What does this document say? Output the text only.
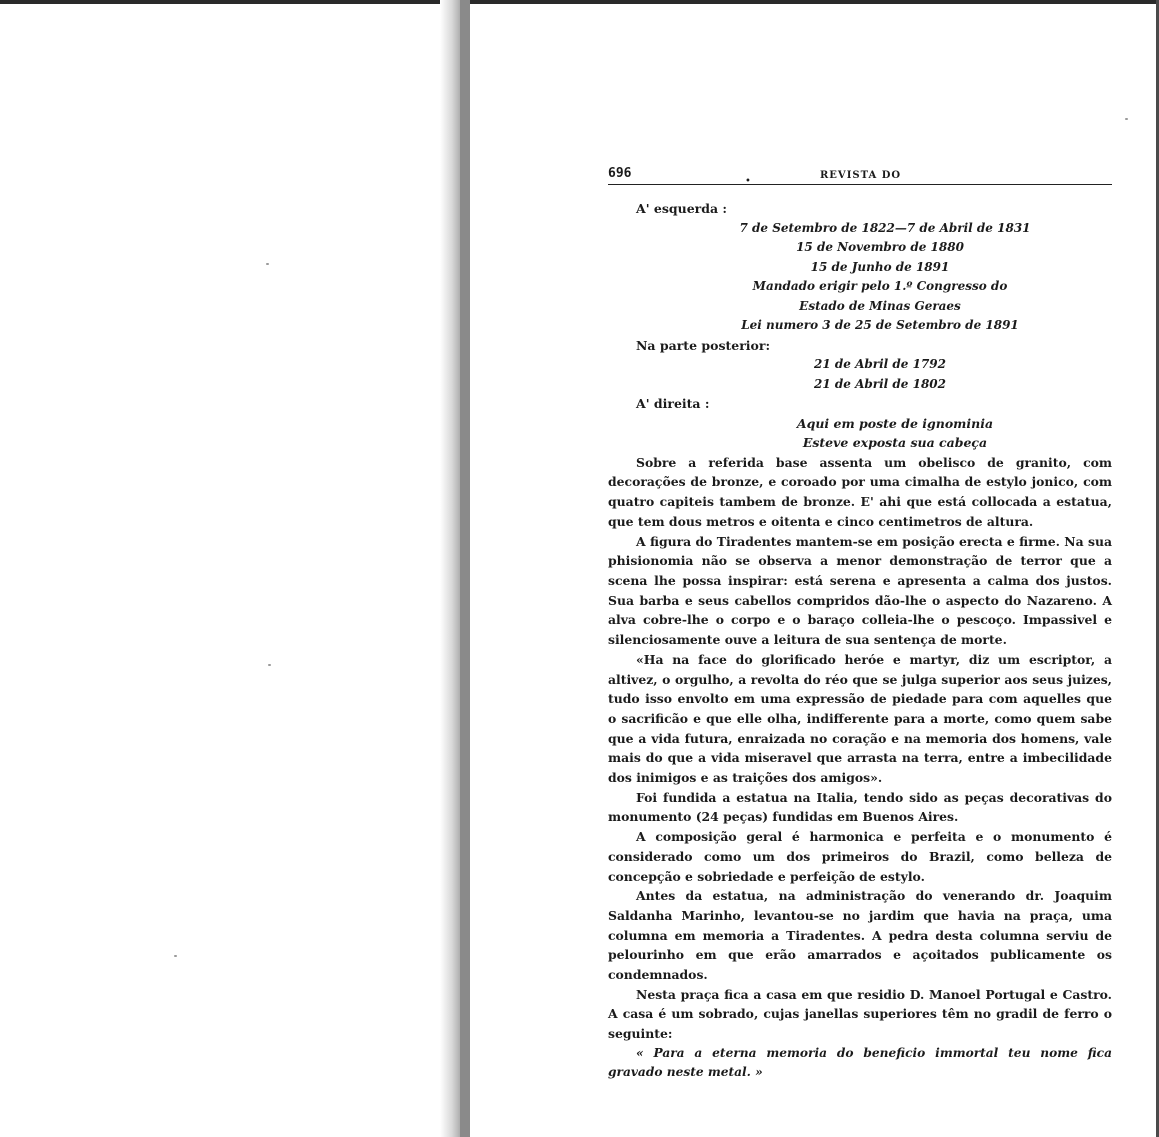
696
•
REVISTA DO
A' esquerda :
7 de Setembro de 1822—7 de Abril de 1831
15 de Novembro de 1880
15 de Junho de 1891
Mandado erigir pelo 1.º Congresso do
Estado de Minas Geraes
Lei numero 3 de 25 de Setembro de 1891
Na parte posterior:
21 de Abril de 1792
21 de Abril de 1802
A' direita :
Aqui em poste de ignominia
Esteve exposta sua cabeça

Sobre a referida base assenta um obelisco de granito, com decorações de bronze, e coroado por uma cimalha de estylo jonico, com quatro capiteis tambem de bronze. E' ahi que está collocada a estatua, que tem dous metros e oitenta e cinco centimetros de altura.

A figura do Tiradentes mantem-se em posição erecta e firme. Na sua phisionomia não se observa a menor demonstração de terror que a scena lhe possa inspirar: está serena e apresenta a calma dos justos. Sua barba e seus cabellos compridos dão-lhe o aspecto do Nazareno. A alva cobre-lhe o corpo e o baraço colleia-lhe o pescoço. Impassivel e silenciosamente ouve a leitura de sua sentença de morte.

«Ha na face do glorificado heróe e martyr, diz um escriptor, a altivez, o orgulho, a revolta do réo que se julga superior aos seus juizes, tudo isso envolto em uma expressão de piedade para com aquelles que o sacrificão e que elle olha, indifferente para a morte, como quem sabe que a vida futura, enraizada no coração e na memoria dos homens, vale mais do que a vida miseravel que arrasta na terra, entre a imbecilidade dos inimigos e as traições dos amigos».

Foi fundida a estatua na Italia, tendo sido as peças decorativas do monumento (24 peças) fundidas em Buenos Aires.

A composição geral é harmonica e perfeita e o monumento é considerado como um dos primeiros do Brazil, como belleza de concepção e sobriedade e perfeição de estylo.

Antes da estatua, na administração do venerando dr. Joaquim Saldanha Marinho, levantou-se no jardim que havia na praça, uma columna em memoria a Tiradentes. A pedra desta columna serviu de pelourinho em que erão amarrados e açoitados publicamente os condemnados.

Nesta praça fica a casa em que residio D. Manoel Portugal e Castro. A casa é um sobrado, cujas janellas superiores têm no gradil de ferro o seguinte:

« Para a eterna memoria do beneficio immortal teu nome fica gravado neste metal. »
